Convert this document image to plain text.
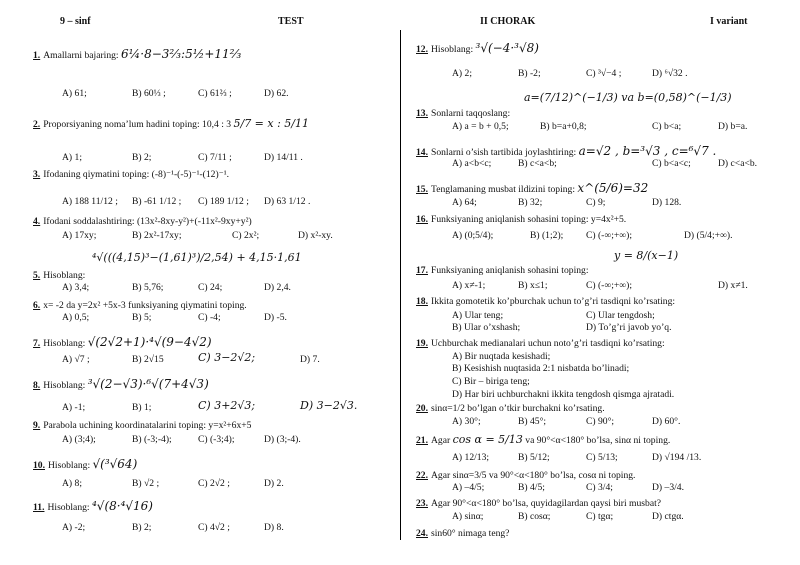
9 – sinf	TEST	II CHORAK	I variant
1. Amallarni bajaring: 6¼·8−3⅔:5½+11⅔
A) 61;	B) 60⅓ ;	C) 61⅔ ;	D) 62.
2. Proporsiyaning noma’lum hadini toping: 10,4 : 3 5/7 = x : 5/11
A) 1;	B) 2;	C) 7/11 ;	D) 14/11 .
3. Ifodaning qiymatini toping: (-8)⁻¹-(-5)⁻¹-(12)⁻¹.
A) 188 11/12 ; B) -61 1/12 ; C) 189 1/12 ; D) 63 1/12 .
4. Ifodani soddalashtiring: (13x²-8xy-y²)+(-11x²-9xy+y²)
A) 17xy;	B) 2x²-17xy;	C) 2x²;	D) x²-xy.
5. Hisoblang:
⁴√(((4,15)³−(1,61)³)/2,54) + 4,15·1,61
A) 3,4;	B) 5,76;	C) 24;	D) 2,4.
6. x= -2 da y=2x² +5x-3 funksiyaning qiymatini toping.
A) 0,5;	B) 5;	C) -4;	D) -5.
7. Hisoblang: √(2√2+1)·⁴√(9−4√2)
A) √7 ;	B) 2√15	C) 3−2√2;	D) 7.
8. Hisoblang: ³√(2−√3)·⁶√(7+4√3)
A) -1;	B) 1;	C) 3+2√3;	D) 3−2√3.
9. Parabola uchining koordinatalarini toping: y=x²+6x+5
A) (3;4);	B) (-3;-4);	C) (-3;4);	D) (3;-4).
10. Hisoblang: √(³√64)
A) 8;	B) √2 ;	C) 2√2 ;	D) 2.
11. Hisoblang: ⁴√(8·⁴√16)
A) -2;	B) 2;	C) 4√2 ;	D) 8.
12. Hisoblang: ³√(−4·³√8)
A) 2;	B) -2;	C) ³√−4 ;	D) ⁶√32 .
13. Sonlarni taqqoslang:
a=(7/12)^(−1/3) va b=(0,58)^(−1/3)
A) a = b + 0,5;	B) b=a+0,8;	C) b<a;	D) b=a.
14. Sonlarni o’sish tartibida joylashtiring: a=√2 , b=³√3 , c=⁶√7 .
A) a<b<c;	B) c<a<b;	C) b<a<c;	D) c<a<b.
15. Tenglamaning musbat ildizini toping: x^(5/6)=32
A) 64;	B) 32;	C) 9;	D) 128.
16. Funksiyaning aniqlanish sohasini toping: y=4x²+5.
A) (0;5/4);	B) (1;2); C) (-∞;+∞);	D) (5/4;+∞).
17. Funksiyaning aniqlanish sohasini toping:
y = 8/(x−1)
A) x≠-1;	B) x≤1;	C) (-∞;+∞);	D) x≠1.
18. Ikkita gomotetik ko’pburchak uchun to’g’ri tasdiqni ko’rsating:
A) Ular teng;	C) Ular tengdosh;
B) Ular o’xshash;	D) To’g’ri javob yo’q.
19. Uchburchak medianalari uchun noto’g’ri tasdiqni ko’rsating:
A) Bir nuqtada kesishadi;
B) Kesishish nuqtasida 2:1 nisbatda bo’linadi;
C) Bir – biriga teng;
D) Har biri uchburchakni ikkita tengdosh qismga ajratadi.
20. sinα=1/2 bo’lgan o’tkir burchakni ko’rsating.
A) 30°;	B) 45°;	C) 90°;	D) 60°.
21. Agar cos α = 5/13 va 90°<α<180° bo’lsa, sinα ni toping.
A) 12/13;	B) 5/12;	C) 5/13;	D) √194 /13.
22. Agar sinα=3/5 va 90°<α<180° bo’lsa, cosα ni toping.
A) –4/5;	B) 4/5;	C) 3/4;	D) –3/4.
23. Agar 90°<α<180° bo’lsa, quyidagilardan qaysi biri musbat?
A) sinα;	B) cosα;	C) tgα;	D) ctgα.
24. sin60° nimaga teng?
